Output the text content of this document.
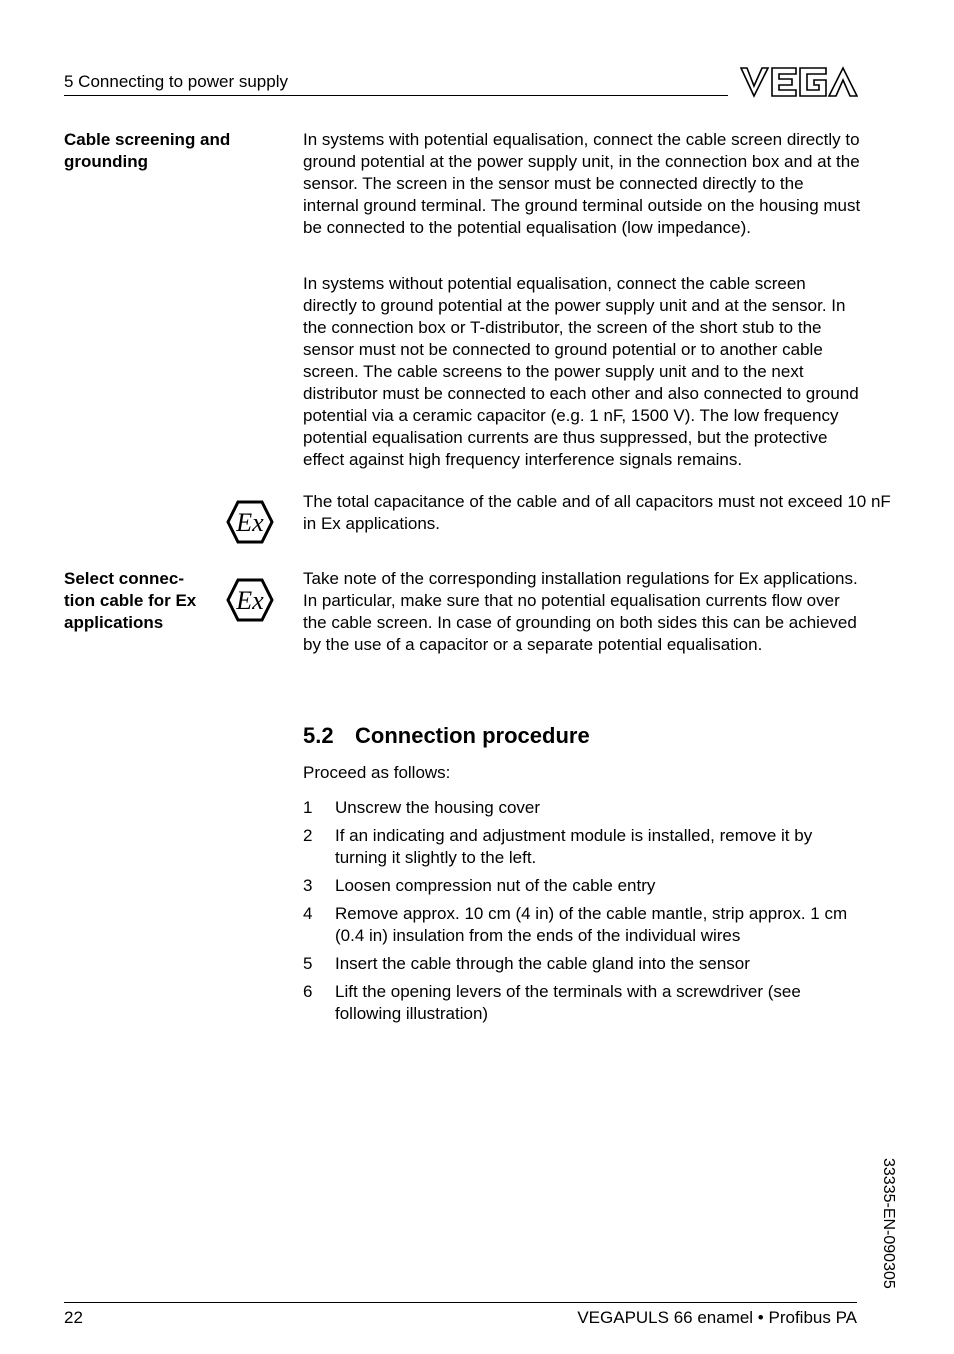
5 Connecting to power supply
Cable screening and grounding
In systems with potential equalisation, connect the cable screen directly to ground potential at the power supply unit, in the connection box and at the sensor. The screen in the sensor must be connected directly to the internal ground terminal. The ground terminal outside on the housing must be connected to the potential equalisation (low impedance).
In systems without potential equalisation, connect the cable screen directly to ground potential at the power supply unit and at the sensor. In the connection box or T-distributor, the screen of the short stub to the sensor must not be connected to ground potential or to another cable screen. The cable screens to the power supply unit and to the next distributor must be connected to each other and also connected to ground potential via a ceramic capacitor (e.g. 1 nF, 1500 V). The low frequency potential equalisation currents are thus suppressed, but the protective effect against high frequency interference signals remains.
Ex
The total capacitance of the cable and of all capacitors must not exceed 10 nF in Ex applications.
Select connec-tion cable for Ex applications
Ex
Take note of the corresponding installation regulations for Ex applications. In particular, make sure that no potential equalisation currents flow over the cable screen. In case of grounding on both sides this can be achieved by the use of a capacitor or a separate potential equalisation.
5.2 Connection procedure
Proceed as follows:
1	Unscrew the housing cover
2	If an indicating and adjustment module is installed, remove it by turning it slightly to the left.
3	Loosen compression nut of the cable entry
4	Remove approx. 10 cm (4 in) of the cable mantle, strip approx. 1 cm (0.4 in) insulation from the ends of the individual wires
5	Insert the cable through the cable gland into the sensor
6	Lift the opening levers of the terminals with a screwdriver (see following illustration)
33335-EN-090305
22	VEGAPULS 66 enamel • Profibus PA
